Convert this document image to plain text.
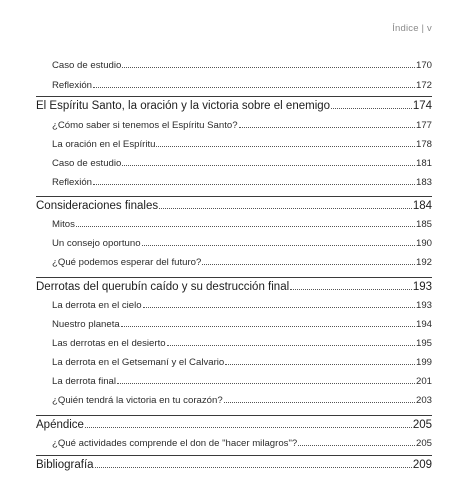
Índice | v
Caso de estudio	170
Reflexión	172
El Espíritu Santo, la oración y la victoria sobre el enemigo	174
¿Cómo saber si tenemos el Espíritu Santo?	177
La oración en el Espíritu	178
Caso de estudio	181
Reflexión	183
Consideraciones finales	184
Mitos	185
Un consejo oportuno	190
¿Qué podemos esperar del futuro?	192
Derrotas del querubín caído y su destrucción final	193
La derrota en el cielo	193
Nuestro planeta	194
Las derrotas en el desierto	195
La derrota en el Getsemaní y el Calvario	199
La derrota final	201
¿Quién tendrá la victoria en tu corazón?	203
Apéndice	205
¿Qué actividades comprende el don de "hacer milagros"?	205
Bibliografía	209
